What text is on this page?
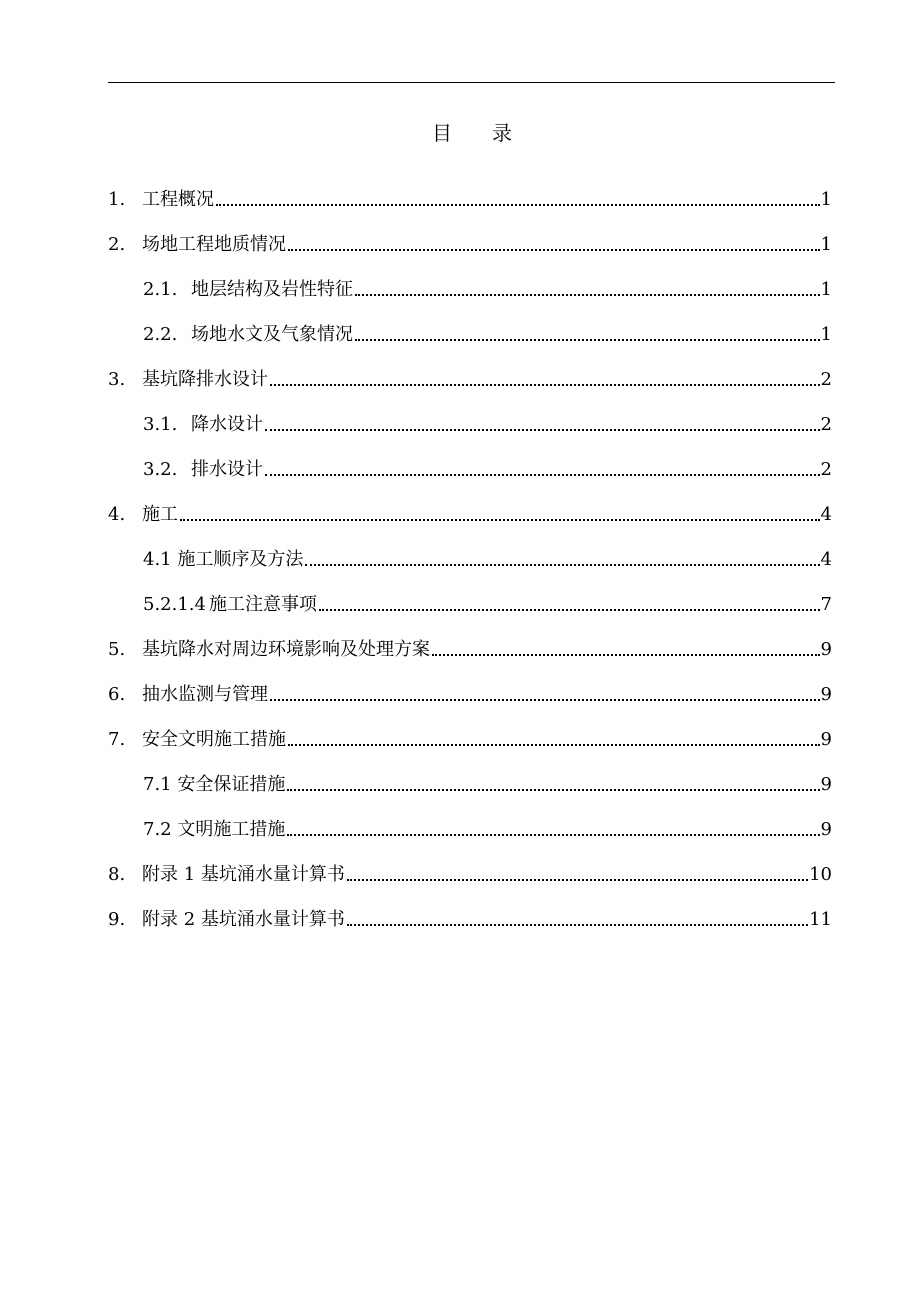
目 录
1. 工程概况	1
2. 场地工程地质情况	1
2.1. 地层结构及岩性特征	1
2.2. 场地水文及气象情况	1
3. 基坑降排水设计	2
3.1. 降水设计	2
3.2. 排水设计	2
4. 施工	4
4.1 施工顺序及方法	4
5.2.1.4 施工注意事项	7
5. 基坑降水对周边环境影响及处理方案	9
6. 抽水监测与管理	9
7. 安全文明施工措施	9
7.1 安全保证措施	9
7.2 文明施工措施	9
8. 附录 1 基坑涌水量计算书	10
9. 附录 2 基坑涌水量计算书	11
